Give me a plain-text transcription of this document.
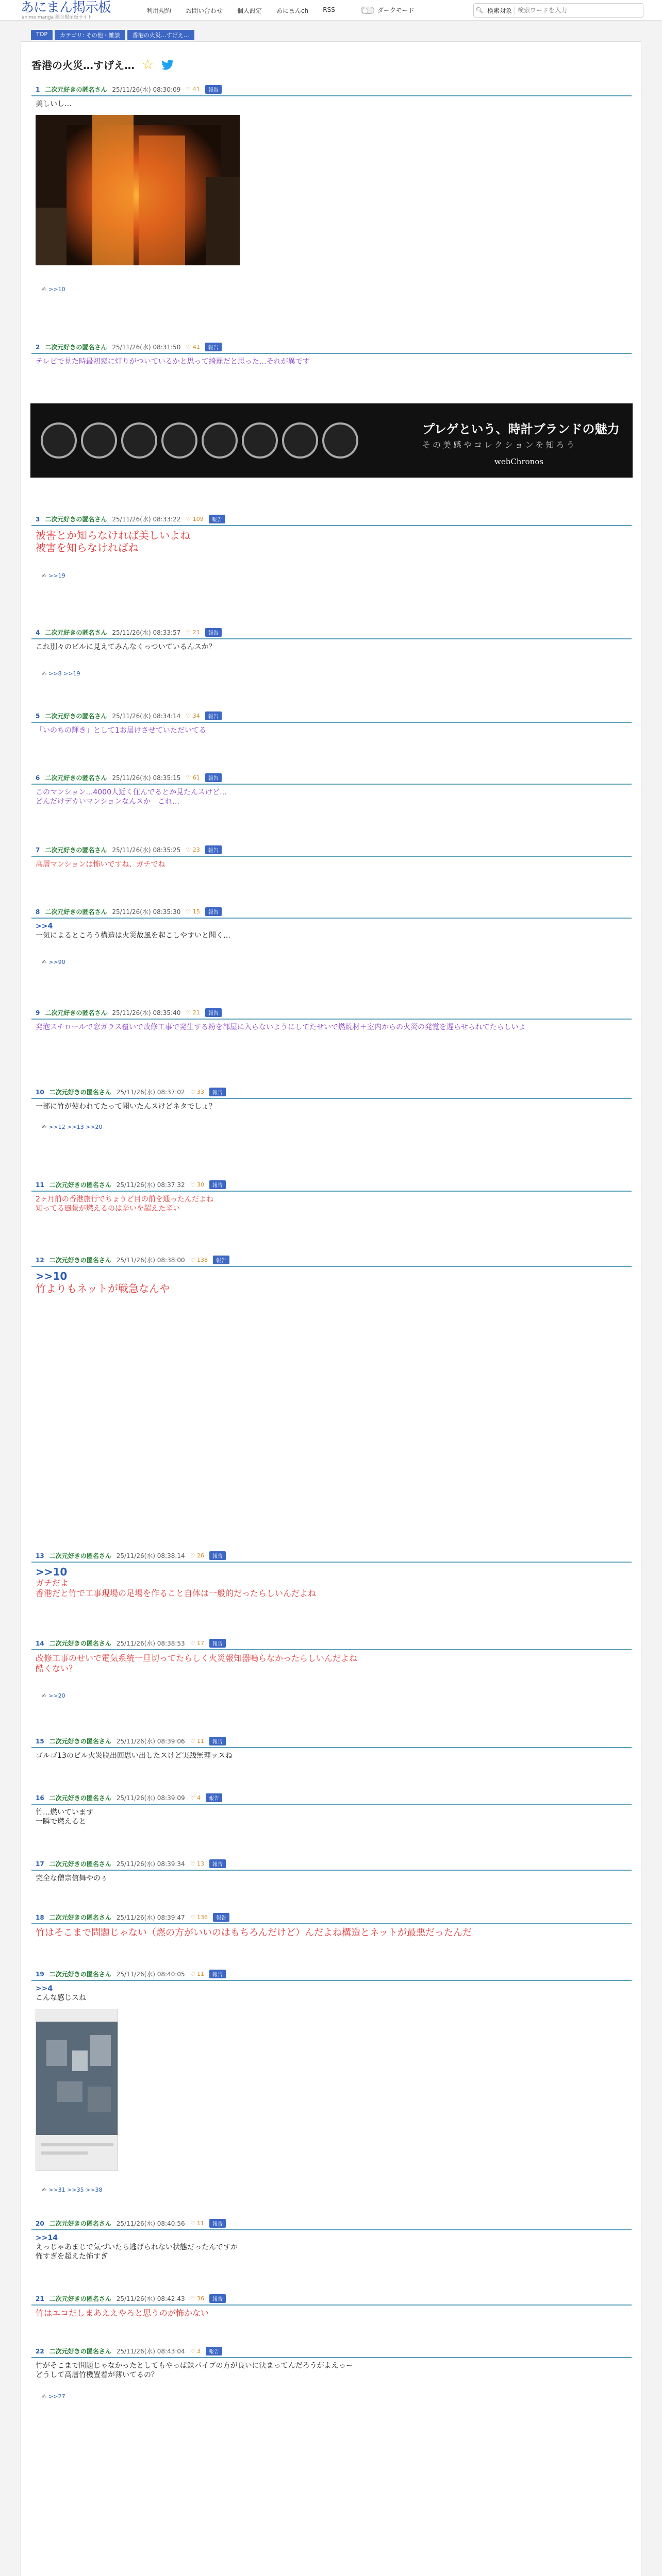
あにまん掲示板
anime manga 総合掲示板サイト
利用規約	お問い合わせ	個人設定	あにまんch	RSS	ダークモード	🔍︎ 検索対象
検索ワードを入力
TOP	カテゴリ: その他・雑談	香港の火災…すげえ…
香港の火災…すげえ… ☆
1 二次元好きの匿名さん 25/11/26(水) 08:30:09 ♡ 41	報告
美しいし…
✍ >>10
2 二次元好きの匿名さん 25/11/26(水) 08:31:50 ♡ 41	報告
テレビで見た時最初窓に灯りがついているかと思って綺麗だと思った…それが異です
プレゲという、時計ブランドの魅力
その美感やコレクションを知ろう
webChronos
3 二次元好きの匿名さん 25/11/26(水) 08:33:22 ♡ 109	報告
被害とか知らなければ美しいよね
被害を知らなければね
✍ >>19
4 二次元好きの匿名さん 25/11/26(水) 08:33:57 ♡ 21	報告
これ別々のビルに見えてみんなくっついているんスか？
✍ >>8 >>19
5 二次元好きの匿名さん 25/11/26(水) 08:34:14 ♡ 34	報告
「いのちの輝き」として1お届けさせていただいてる
6 二次元好きの匿名さん 25/11/26(水) 08:35:15 ♡ 61	報告
このマンション…4000人近く住んでるとか見たんスけど…
どんだけデカいマンションなんスか　これ…
7 二次元好きの匿名さん 25/11/26(水) 08:35:25 ♡ 23	報告
高層マンションは怖いですね、ガチでね
8 二次元好きの匿名さん 25/11/26(水) 08:35:30 ♡ 15	報告
>>4
一気によるところう構造は火災故風を起こしやすいと聞く…
✍ >>90
9 二次元好きの匿名さん 25/11/26(水) 08:35:40 ♡ 21	報告
発泡スチロールで窓ガラス覆いで改修工事で発生する粉を部屋に入らないようにしてたせいで燃焼材＋室内からの火災の発覚を遅らせられてたらしいよ
10 二次元好きの匿名さん 25/11/26(水) 08:37:02 ♡ 33	報告
一部に竹が使われてたって聞いたんスけどネタでしょ？
✍ >>12 >>13 >>20
11 二次元好きの匿名さん 25/11/26(水) 08:37:32 ♡ 30	報告
2ヶ月前の香港旅行でちょうど目の前を通ったんだよね
知ってる風景が燃えるのは辛いを超えた辛い
12 二次元好きの匿名さん 25/11/26(水) 08:38:00 ♡ 138	報告
>>10
竹よりもネットが戦急なんや
13 二次元好きの匿名さん 25/11/26(水) 08:38:14 ♡ 26	報告
>>10
ガチだよ
香港だと竹で工事現場の足場を作ること自体は一般的だったらしいんだよね
14 二次元好きの匿名さん 25/11/26(水) 08:38:53 ♡ 17	報告
改修工事のせいで電気系統一旦切ってたらしく火災報知器鳴らなかったらしいんだよね
酷くない？
✍ >>20
15 二次元好きの匿名さん 25/11/26(水) 08:39:06 ♡ 11	報告
ゴルゴ13のビル火災脱出回思い出したスけど実践無理ッスね
16 二次元好きの匿名さん 25/11/26(水) 08:39:09 ♡ 4	報告
竹…燃いています
一瞬で燃えると
17 二次元好きの匿名さん 25/11/26(水) 08:39:34 ♡ 13	報告
完全な僧宗信舞やのぅ
18 二次元好きの匿名さん 25/11/26(水) 08:39:47 ♡ 136	報告
竹はそこまで問題じゃない（燃の方がいいのはもちろんだけど）んだよね構造とネットが最悪だったんだ
19 二次元好きの匿名さん 25/11/26(水) 08:40:05 ♡ 11	報告
>>4
こんな感じスね
✍ >>31 >>35 >>38
20 二次元好きの匿名さん 25/11/26(水) 08:40:56 ♡ 11	報告
>>14
えっじゃあまじで気づいたら逃げられない状態だったんですか
怖すぎを超えた怖すぎ
21 二次元好きの匿名さん 25/11/26(水) 08:42:43 ♡ 36	報告
竹はエコだしまあええやろと思うのが怖かない
22 二次元好きの匿名さん 25/11/26(水) 08:43:04 ♡ 3	報告
竹がそこまで問題じゃなかったとしてもやっぱ鉄パイプの方が良いに決まってんだろうがよえっー
どうして高層竹機置着が薄いてるの？
✍ >>27
